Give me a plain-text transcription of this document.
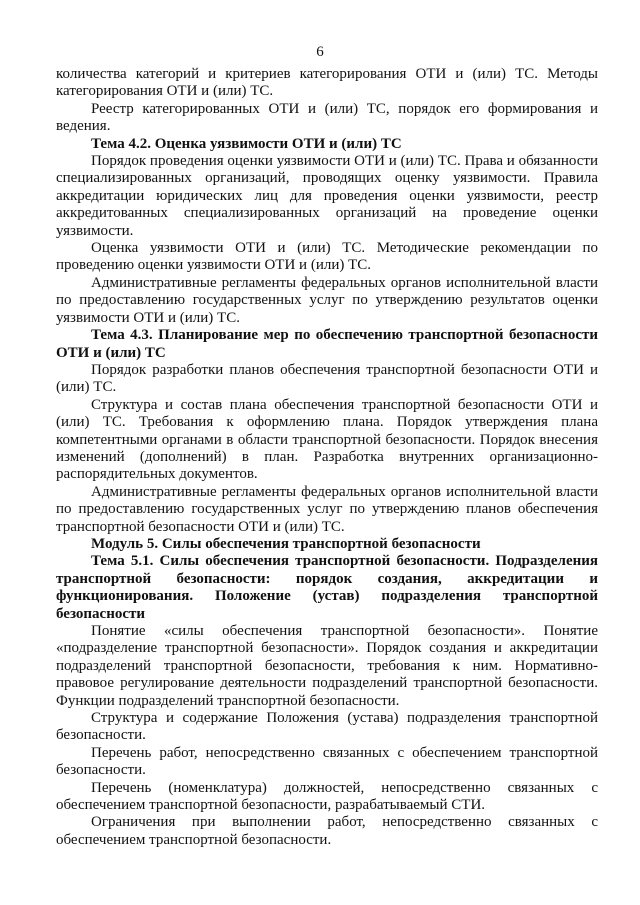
6

количества категорий и критериев категорирования ОТИ и (или) ТС. Методы категорирования ОТИ и (или) ТС.

Реестр категорированных ОТИ и (или) ТС, порядок его формирования и ведения.

Тема 4.2. Оценка уязвимости ОТИ и (или) ТС

Порядок проведения оценки уязвимости ОТИ и (или) ТС. Права и обязанности специализированных организаций, проводящих оценку уязвимости. Правила аккредитации юридических лиц для проведения оценки уязвимости, реестр аккредитованных специализированных организаций на проведение оценки уязвимости.

Оценка уязвимости ОТИ и (или) ТС. Методические рекомендации по проведению оценки уязвимости ОТИ и (или) ТС.

Административные регламенты федеральных органов исполнительной власти по предоставлению государственных услуг по утверждению результатов оценки уязвимости ОТИ и (или) ТС.

Тема 4.3. Планирование мер по обеспечению транспортной безопасности ОТИ и (или) ТС

Порядок разработки планов обеспечения транспортной безопасности ОТИ и (или) ТС.

Структура и состав плана обеспечения транспортной безопасности ОТИ и (или) ТС. Требования к оформлению плана. Порядок утверждения плана компетентными органами в области транспортной безопасности. Порядок внесения изменений (дополнений) в план. Разработка внутренних организационно-распорядительных документов.

Административные регламенты федеральных органов исполнительной власти по предоставлению государственных услуг по утверждению планов обеспечения транспортной безопасности ОТИ и (или) ТС.

Модуль 5. Силы обеспечения транспортной безопасности
Тема 5.1. Силы обеспечения транспортной безопасности. Подразделения транспортной безопасности: порядок создания, аккредитации и функционирования. Положение (устав) подразделения транспортной безопасности

Понятие «силы обеспечения транспортной безопасности». Понятие «подразделение транспортной безопасности». Порядок создания и аккредитации подразделений транспортной безопасности, требования к ним. Нормативно-правовое регулирование деятельности подразделений транспортной безопасности. Функции подразделений транспортной безопасности.

Структура и содержание Положения (устава) подразделения транспортной безопасности.

Перечень работ, непосредственно связанных с обеспечением транспортной безопасности.

Перечень (номенклатура) должностей, непосредственно связанных с обеспечением транспортной безопасности, разрабатываемый СТИ.

Ограничения при выполнении работ, непосредственно связанных с обеспечением транспортной безопасности.
